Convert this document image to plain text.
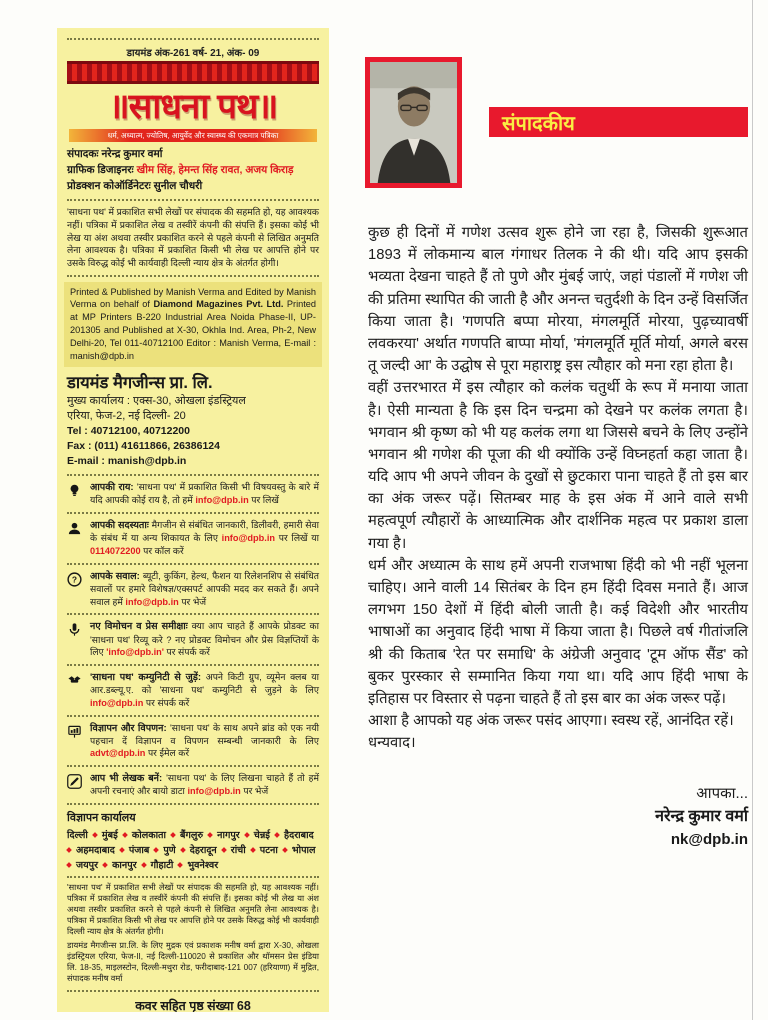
डायमंड अंक-261 वर्ष- 21, अंक- 09
॥साधना पथ॥
धर्म, अध्यात्म, ज्योतिष, आयुर्वेद और स्वास्थ्य की एकमात्र पत्रिका

संपादकः नरेन्द्र कुमार वर्मा

ग्राफिक डिजाइनरः खीम सिंह, हेमन्त सिंह रावत, अजय किराड़

प्रोडक्शन कोऑर्डिनेटरः सुनील चौधरी

'साधना पथ' में प्रकाशित सभी लेखों पर संपादक की सहमति हो, यह आवश्यक नहीं। पत्रिका में प्रकाशित लेख व तस्वीरें कंपनी की संपत्ति हैं। इसका कोई भी लेख या अंश अथवा तस्वीर प्रकाशित करने से पहले कंपनी से लिखित अनुमति लेना आवश्यक है। पत्रिका में प्रकाशित किसी भी लेख पर आपत्ति होने पर उसके विरुद्ध कोई भी कार्यवाही दिल्ली न्याय क्षेत्र के अंतर्गत होगी।

Printed & Published by Manish Verma and Edited by Manish Verma on behalf of Diamond Magazines Pvt. Ltd. Printed at MP Printers B-220 Industrial Area Noida Phase-II, UP-201305 and Published at X-30, Okhla Ind. Area, Ph-2, New Delhi-20, Tel 011-40712100 Editor : Manish Verma, E-mail : manish@dpb.in

डायमंड मैगजीन्स प्रा. लि.

मुख्य कार्यालय : एक्स-30, ओखला इंडस्ट्रियल

एरिया, फेज-2, नई दिल्ली- 20

Tel : 40712100, 40712200

Fax : (011) 41611866, 26386124

E-mail : manish@dpb.in

आपकी राय: 'साधना पथ' में प्रकाशित किसी भी विषयवस्तु के बारे में यदि आपकी कोई राय है, तो हमें info@dpb.in पर लिखें

आपकी सदस्यताः मैगजीन से संबंधित जानकारी, डिलीवरी, हमारी सेवा के संबंध में या अन्य शिकायत के लिए info@dpb.in पर लिखें या 0114072200 पर कॉल करें

? आपके सवाल: ब्यूटी, कुकिंग, हेल्थ, फैशन या रिलेशनशिप से संबंधित सवालों पर हमारे विशेषज्ञ/एक्सपर्ट आपकी मदद कर सकते हैं। अपने सवाल हमें info@dpb.in पर भेजें

नए विमोचन व प्रेस समीक्षाः क्या आप चाहते हैं आपके प्रोडक्ट का 'साधना पथ' रिव्यू करे ? नए प्रोडक्ट विमोचन और प्रेस विज्ञप्तियों के लिए 'info@dpb.in' पर संपर्क करें

'साधना पथ' कम्युनिटी से जुड़ें: अपने किटी ग्रुप, व्यूमेन क्लब या आर.डब्ल्यू.ए. को 'साधना पथ' कम्युनिटी से जुड़ने के लिए info@dpb.in पर संपर्क करें

विज्ञापन और विपणन: 'साधना पथ' के साथ अपने ब्रांड को एक नयी पहचान दें विज्ञापन व विपणन सम्बन्धी जानकारी के लिए advt@dpb.in पर ईमेल करें

आप भी लेखक बनें: 'साधना पथ' के लिए लिखना चाहते हैं तो हमें अपनी रचनाएं और बायो डाटा info@dpb.in पर भेजें

विज्ञापन कार्यालय
दिल्ली मुंबई कोलकाता बैंगलुरु नागपुर चेन्नई हैदराबाद
अहमदाबाद पंजाब पुणे देहरादून रांची पटना भोपाल
जयपुर कानपुर गौहाटी भुवनेश्वर

'साधना पथ' में प्रकाशित सभी लेखों पर संपादक की सहमति हो, यह आवश्यक नहीं। पत्रिका में प्रकाशित लेख व तस्वीरें कंपनी की संपत्ति हैं। इसका कोई भी लेख या अंश अथवा तस्वीर प्रकाशित करने से पहले कंपनी से लिखित अनुमति लेना आवश्यक है। पत्रिका में प्रकाशित किसी भी लेख पर आपत्ति होने पर उसके विरुद्ध कोई भी कार्यवाही दिल्ली न्याय क्षेत्र के अंतर्गत होगी।

डायमंड मैगजीन्स प्रा.लि. के लिए मुद्रक एवं प्रकाशक मनीष वर्मा द्वारा X-30, ओखला इंडस्ट्रियल एरिया, फेज-II, नई दिल्ली-110020 से प्रकाशित और थॉमसन प्रेस इंडिया लि. 18-35, माइलस्टोन, दिल्ली-मथुरा रोड, फरीदाबाद-121 007 (हरियाणा) में मुद्रित, संपादक मनीष वर्मा

कवर सहित पृष्ठ संख्या 68
संपादकीय

कुछ ही दिनों में गणेश उत्सव शुरू होने जा रहा है, जिसकी शुरूआत 1893 में लोकमान्य बाल गंगाधर तिलक ने की थी। यदि आप इसकी भव्यता देखना चाहते हैं तो पुणे और मुंबई जाएं, जहां पंडालों में गणेश जी की प्रतिमा स्थापित की जाती है और अनन्त चतुर्दशी के दिन उन्हें विसर्जित किया जाता है। 'गणपति बप्पा मोरया, मंगलमूर्ति मोरया, पुढ़च्यावर्षी लवकरया' अर्थात गणपति बाप्पा मोर्या, 'मंगलमूर्ति मूर्ति मोर्या, अगले बरस तू जल्दी आ' के उद्घोष से पूरा महाराष्ट्र इस त्यौहार को मना रहा होता है।

वहीं उत्तरभारत में इस त्यौहार को कलंक चतुर्थी के रूप में मनाया जाता है। ऐसी मान्यता है कि इस दिन चन्द्रमा को देखने पर कलंक लगता है। भगवान श्री कृष्ण को भी यह कलंक लगा था जिससे बचने के लिए उन्होंने भगवान श्री गणेश की पूजा की थी क्योंकि उन्हें विघ्नहर्ता कहा जाता है। यदि आप भी अपने जीवन के दुखों से छुटकारा पाना चाहते हैं तो इस बार का अंक जरूर पढ़ें। सितम्बर माह के इस अंक में आने वाले सभी महत्वपूर्ण त्यौहारों के आध्यात्मिक और दार्शनिक महत्व पर प्रकाश डाला गया है।

धर्म और अध्यात्म के साथ हमें अपनी राजभाषा हिंदी को भी नहीं भूलना चाहिए। आने वाली 14 सितंबर के दिन हम हिंदी दिवस मनाते हैं। आज लगभग 150 देशों में हिंदी बोली जाती है। कई विदेशी और भारतीय भाषाओं का अनुवाद हिंदी भाषा में किया जाता है। पिछले वर्ष गीतांजलि श्री की किताब 'रेत पर समाधि' के अंग्रेजी अनुवाद 'टूम ऑफ सैंड' को बुकर पुरस्कार से सम्मानित किया गया था। यदि आप हिंदी भाषा के इतिहास पर विस्तार से पढ़ना चाहते हैं तो इस बार का अंक जरूर पढ़ें।

आशा है आपको यह अंक जरूर पसंद आएगा। स्वस्थ रहें, आनंदित रहें।

धन्यवाद।

आपका...
नरेन्द्र कुमार वर्मा
nk@dpb.in
